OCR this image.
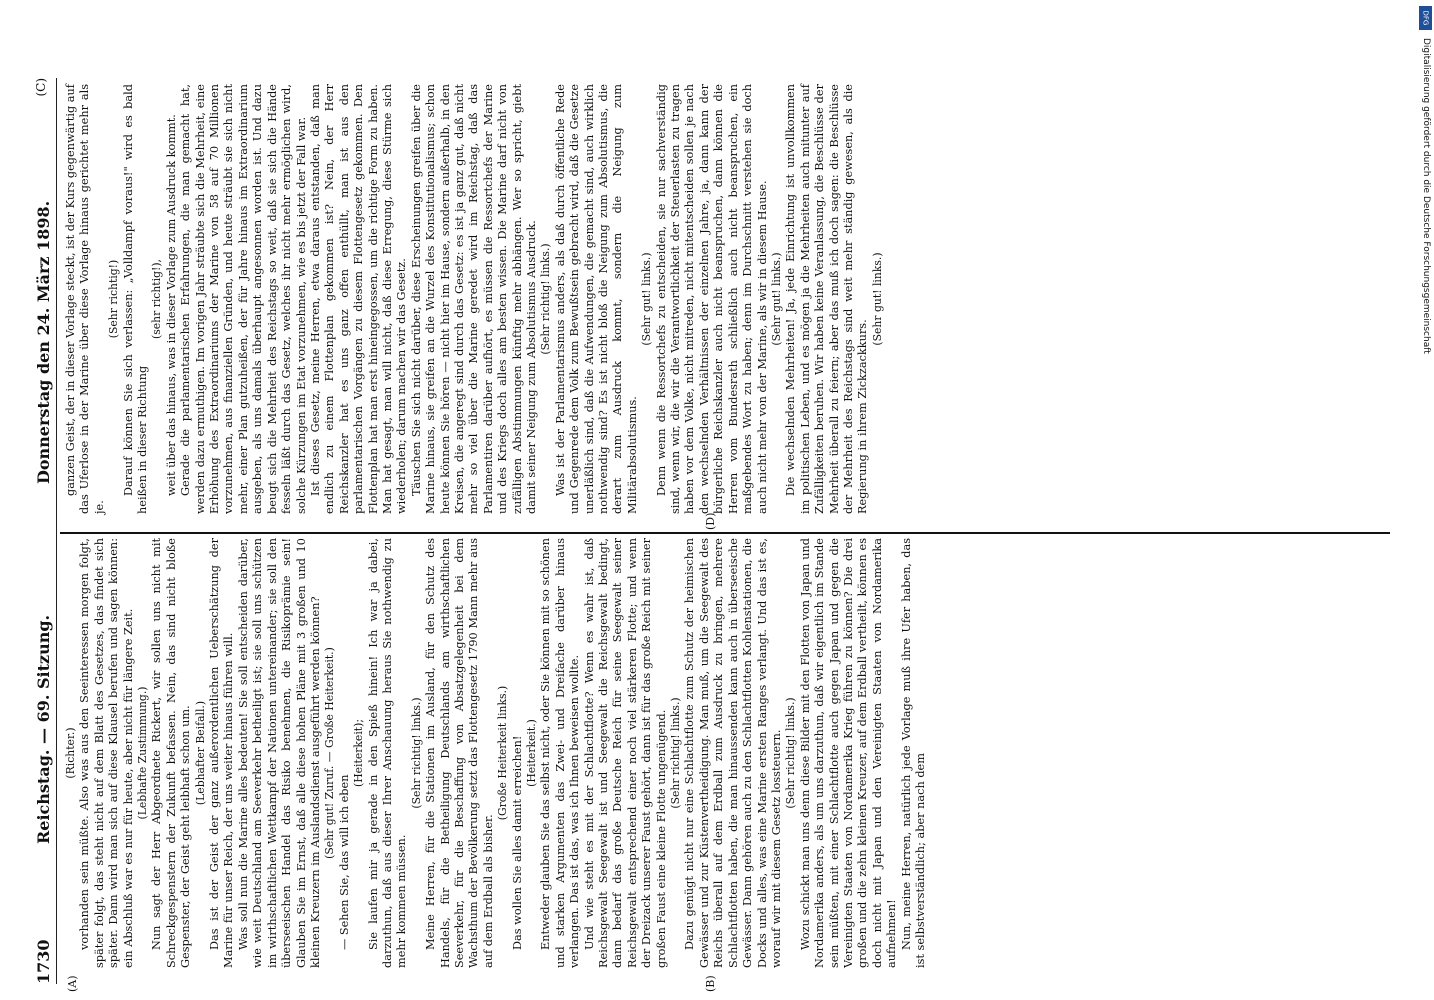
1730
Reichstag. — 69. Sitzung.
Donnerstag den 24. März 1898.
(C)
(A)	(B)
(D)

(Richter.) vorhanden sein müßte. Also was aus den Seeinteressen morgen folgt, später folgt, das steht nicht auf dem Blatt des Gesetzes, das findet sich später. Dann wird man sich auf diese Klausel berufen und sagen können: ein Abschluß war es nur für heute, aber nicht für längere Zeit. (Lebhafte Zustimmung.) Nun sagt der Herr Abgeordnete Rickert, wir sollen uns nicht mit Schreckgespenstern der Zukunft befassen. Nein, das sind nicht bloße Gespenster, der Geist geht leibhaft schon um. (Lebhafter Beifall.) Das ist der Geist der ganz außerordentlichen Ueberschätzung der Marine für unser Reich, der uns weiter hinaus führen will. Was soll nun die Marine alles bedeuten! Sie soll entscheiden darüber, wie weit Deutschland am Seeverkehr betheiligt ist; sie soll uns schützen im wirthschaftlichen Wettkampf der Nationen untereinander; sie soll den überseeischen Handel das Risiko benehmen, die Risikoprämie sein! Glauben Sie im Ernst, daß alle diese hohen Pläne mit 3 großen und 10 kleinen Kreuzern im Auslandsdienst ausgeführt werden können? (Sehr gut! Zuruf. — Große Heiterkeit.)

— Sehen Sie, das will ich eben

(Heiterkeit); Sie laufen mir ja gerade in den Spieß hinein! Ich war ja dabei, darzuthun, daß aus dieser Ihrer Anschauung heraus Sie nothwendig zu mehr kommen müssen.

(Sehr richtig! links.) Meine Herren, für die Stationen im Ausland, für den Schutz des Handels, für die Betheiligung Deutschlands am wirthschaftlichen Seeverkehr, für die Beschaffung von Absatzgelegenheit bei dem Wachsthum der Bevölkerung setzt das Flottengesetz 1790 Mann mehr aus auf dem Erdball als bisher.

(Große Heiterkeit links.) Das wollen Sie alles damit erreichen! (Heiterkeit.) Entweder glauben Sie das selbst nicht, oder Sie können mit so schönen und starken Argumenten das Zwei- und Dreifache darüber hinaus verlangen. Das ist das, was ich Ihnen beweisen wollte. Und wie steht es mit der Schlachtflotte? Wenn es wahr ist, daß Reichsgewalt Seegewalt ist und Seegewalt die Reichsgewalt bedingt, dann bedarf das große Deutsche Reich für seine Seegewalt seiner Reichsgewalt entsprechend einer noch viel stärkeren Flotte; und wenn der Dreizack unserer Faust gehört, dann ist für das große Reich mit seiner großen Faust eine kleine Flotte ungenügend. (Sehr richtig! links.) Dazu genügt nicht nur eine Schlachtflotte zum Schutz der heimischen Gewässer und zur Küstenvertheidigung. Man muß, um die Seegewalt des Reichs überall auf dem Erdball zum Ausdruck zu bringen, mehrere Schlachtflotten haben, die man hinaussenden kann auch in überseeische Gewässer. Dann gehören auch zu den Schlachtflotten Kohlenstationen, die Docks und alles, was eine Marine ersten Ranges verlangt. Und das ist es, worauf wir mit diesem Gesetz lossteuern. (Sehr richtig! links.) Wozu schickt man uns denn diese Bilder mit den Flotten von Japan und Nordamerika anders, als um uns darzuthun, daß wir eigentlich im Stande sein müßten, mit einer Schlachtflotte auch gegen Japan und gegen die Vereinigten Staaten von Nordamerika Krieg führen zu können? Die drei großen und die zehn kleinen Kreuzer, auf dem Erdball vertheilt, können es doch nicht mit Japan und den Vereinigten Staaten von Nordamerika aufnehmen! Nun, meine Herren, natürlich jede Vorlage muß ihre Ufer haben, das ist selbstverständlich; aber nach dem

ganzen Geist, der in dieser Vorlage steckt, ist der Kurs gegenwärtig auf das Uferlose in der Marine über diese Vorlage hinaus gerichtet mehr als je.

(Sehr richtig!) Darauf können Sie sich verlassen: „Volldampf voraus!" wird es bald heißen in dieser Richtung

(sehr richtig!), weit über das hinaus, was in dieser Vorlage zum Ausdruck kommt. Gerade die parlamentarischen Erfahrungen, die man gemacht hat, werden dazu ermuthigen. Im vorigen Jahr sträubte sich die Mehrheit, eine Erhöhung des Extraordinariums der Marine von 58 auf 70 Millionen vorzunehmen, aus finanziellen Gründen, und heute sträubt sie sich nicht mehr, einer Plan gutzuheißen, der für Jahre hinaus im Extraordinarium ausgeben, als uns damals überhaupt angesonnen worden ist. Und dazu beugt sich die Mehrheit des Reichstags so weit, daß sie sich die Hände fesseln läßt durch das Gesetz, welches ihr nicht mehr ermöglichen wird, solche Kürzungen im Etat vorzunehmen, wie es bis jetzt der Fall war. Ist dieses Gesetz, meine Herren, etwa daraus entstanden, daß man endlich zu einem Flottenplan gekommen ist? Nein, der Herr Reichskanzler hat es uns ganz offen enthüllt, man ist aus den parlamentarischen Vorgängen zu diesem Flottengesetz gekommen. Den Flottenplan hat man erst hineingegossen, um die richtige Form zu haben. Man hat gesagt, man will nicht, daß diese Erregung, diese Stürme sich wiederholen; darum machen wir das Gesetz. Täuschen Sie sich nicht darüber, diese Erscheinungen greifen über die Marine hinaus, sie greifen an die Wurzel des Konstitutionalismus; schon heute können Sie hören — nicht hier im Hause, sondern außerhalb, in den Kreisen, die angeregt sind durch das Gesetz: es ist ja ganz gut, daß nicht mehr so viel über die Marine geredet wird im Reichstag, daß das Parlamentiren darüber aufhört, es müssen die Ressortchefs der Marine und des Kriegs doch alles am besten wissen. Die Marine darf nicht von zufälligen Abstimmungen künftig mehr abhängen. Wer so spricht, giebt damit seiner Neigung zum Absolutismus Ausdruck. (Sehr richtig! links.) Was ist der Parlamentarismus anders, als daß durch öffentliche Rede und Gegenrede dem Volk zum Bewußtsein gebracht wird, daß die Gesetze unerläßlich sind, daß die Aufwendungen, die gemacht sind, auch wirklich nothwendig sind? Es ist nicht bloß die Neigung zum Absolutismus, die derart zum Ausdruck kommt, sondern die Neigung zum Militärabsolutismus.

(Sehr gut! links.) Denn wenn die Ressortchefs zu entscheiden, sie nur sachverständig sind, wenn wir, die wir die Verantwortlichkeit der Steuerlasten zu tragen haben vor dem Volke, nicht mitreden, nicht mitentscheiden sollen je nach den wechselnden Verhältnissen der einzelnen Jahre, ja, dann kann der bürgerliche Reichskanzler auch nicht beanspruchen, dann können die Herren vom Bundesrath schließlich auch nicht beanspruchen, ein maßgebendes Wort zu haben; denn im Durchschnitt verstehen sie doch auch nicht mehr von der Marine, als wir in diesem Hause. (Sehr gut! links.) Die wechselnden Mehrheiten! Ja, jede Einrichtung ist unvollkommen im politischen Leben, und es mögen ja die Mehrheiten auch mitunter auf Zufälligkeiten beruhen. Wir haben keine Veranlassung, die Beschlüsse der Mehrheit überall zu feiern; aber das muß ich doch sagen: die Beschlüsse der Mehrheit des Reichstags sind weit mehr ständig gewesen, als die Regierung in ihrem Zickzackkurs.

(Sehr gut! links.)

DFG
Digitalisierung gefördert durch die Deutsche Forschungsgemeinschaft
